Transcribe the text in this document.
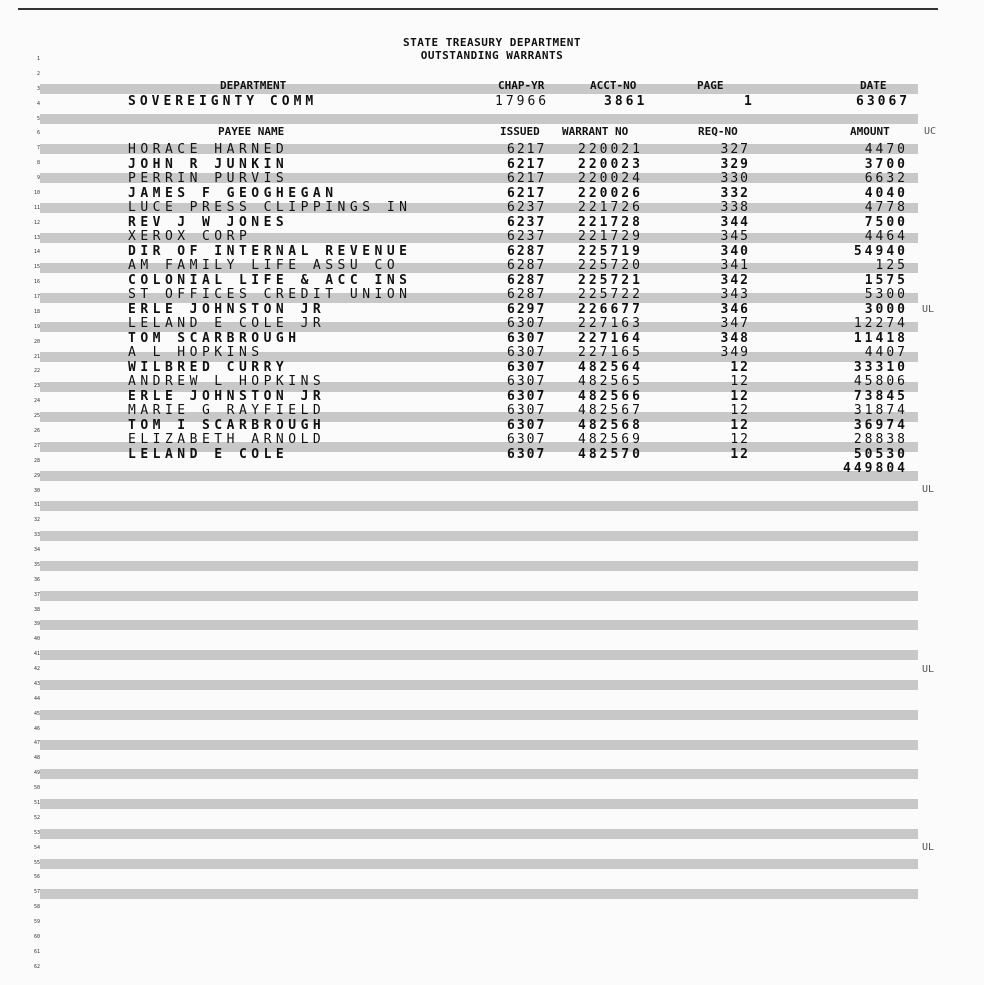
1
2
3
4
5
6
7
8
9
10
11
12
13
14
15
16
17
18
19
20
21
22
23
24
25
26
27
28
29
30
31
32
33
34
35
36
37
38
39
40
41
42
43
44
45
46
47
48
49
50
51
52
53
54
55
56
57
58
59
60
61
62
STATE TREASURY DEPARTMENT
OUTSTANDING WARRANTS
DEPARTMENT	CHAP-YR	ACCT-NO	PAGE	DATE
SOVEREIGNTY COMM	17966	3861	1	63067
PAYEE NAME	ISSUED WARRANT NO	REQ-NO	AMOUNT
HORACE HARNED	6217 220021	327	4470
JOHN R JUNKIN	6217 220023	329	3700
PERRIN PURVIS	6217 220024	330	6632
JAMES F GEOGHEGAN	6217 220026	332	4040
LUCE PRESS CLIPPINGS IN	6237 221726	338	4778
REV J W JONES	6237 221728	344	7500
XEROX CORP	6237 221729	345	4464
DIR OF INTERNAL REVENUE	6287 225719	340	54940
AM FAMILY LIFE ASSU CO	6287 225720	341	125
COLONIAL LIFE & ACC INS	6287 225721	342	1575
ST OFFICES CREDIT UNION	6287 225722	343	5300
ERLE JOHNSTON JR	6297 226677	346	3000
LELAND E COLE JR	6307 227163	347	12274
TOM SCARBROUGH	6307 227164	348	11418
A L HOPKINS	6307 227165	349	4407
WILBRED CURRY	6307 482564	12	33310
ANDREW L HOPKINS	6307 482565	12	45806
ERLE JOHNSTON JR	6307 482566	12	73845
MARIE G RAYFIELD	6307 482567	12	31874
TOM I SCARBROUGH	6307 482568	12	36974
ELIZABETH ARNOLD	6307 482569	12	28838
LELAND E COLE	6307 482570	12	50530
449804
UC
UL
UL
UL
UL
